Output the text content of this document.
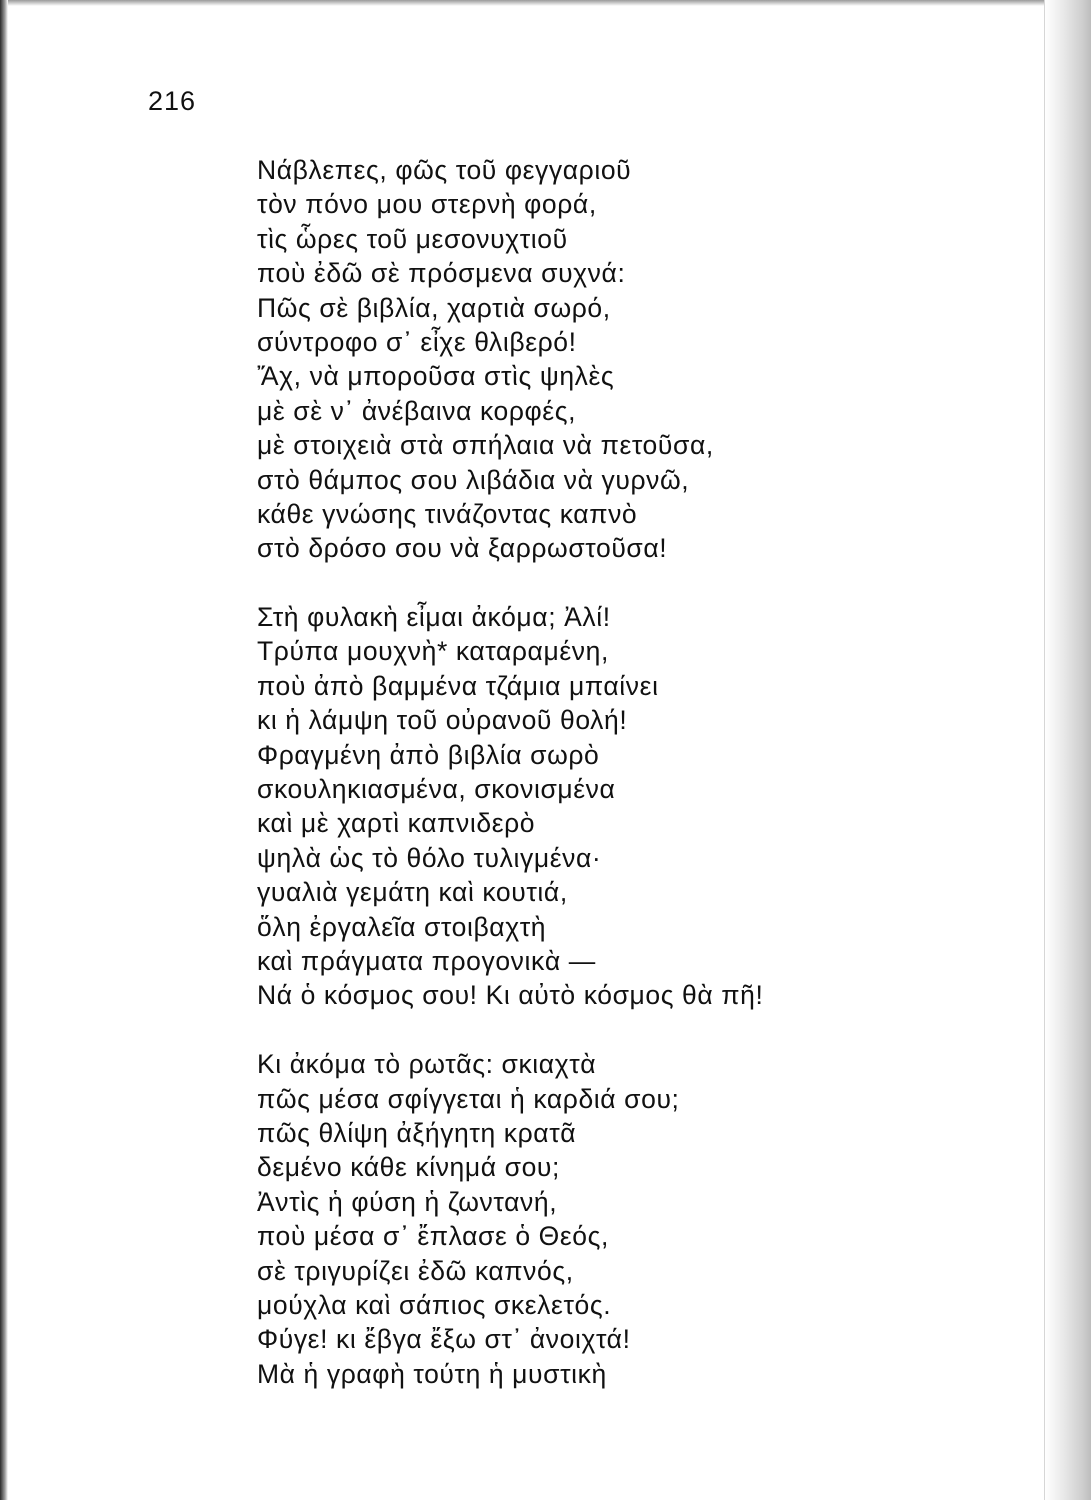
216
Νάβλεπες, φῶς τοῦ φεγγαριοῦ
τὸν πόνο μου στερνὴ φορά,
τὶς ὧρες τοῦ μεσονυχτιοῦ
ποὺ ἐδῶ σὲ πρόσμενα συχνά:
Πῶς σὲ βιβλία, χαρτιὰ σωρό,
σύντροφο σ᾿ εἶχε θλιβερό!
Ἄχ, νὰ μποροῦσα στὶς ψηλὲς
μὲ σὲ ν᾿ ἀνέβαινα κορφές,
μὲ στοιχειὰ στὰ σπήλαια νὰ πετοῦσα,
στὸ θάμπος σου λιβάδια νὰ γυρνῶ,
κάθε γνώσης τινάζοντας καπνὸ
στὸ δρόσο σου νὰ ξαρρωστοῦσα!
Στὴ φυλακὴ εἶμαι ἀκόμα; Ἀλί!
Τρύπα μουχνὴ* καταραμένη,
ποὺ ἀπὸ βαμμένα τζάμια μπαίνει
κι ἡ λάμψη τοῦ οὐρανοῦ θολή!
Φραγμένη ἀπὸ βιβλία σωρὸ
σκουληκιασμένα, σκονισμένα
καὶ μὲ χαρτὶ καπνιδερὸ
ψηλὰ ὡς τὸ θόλο τυλιγμένα·
γυαλιὰ γεμάτη καὶ κουτιά,
ὅλη ἐργαλεῖα στοιβαχτὴ
καὶ πράγματα προγονικὰ —
Νά ὁ κόσμος σου! Κι αὐτὸ κόσμος θὰ πῆ!
Κι ἀκόμα τὸ ρωτᾶς: σκιαχτὰ
πῶς μέσα σφίγγεται ἡ καρδιά σου;
πῶς θλίψη ἀξήγητη κρατᾶ
δεμένο κάθε κίνημά σου;
Ἀντὶς ἡ φύση ἡ ζωντανή,
ποὺ μέσα σ᾿ ἔπλασε ὁ Θεός,
σὲ τριγυρίζει ἐδῶ καπνός,
μούχλα καὶ σάπιος σκελετός.
Φύγε! κι ἔβγα ἔξω στ᾿ ἀνοιχτά!
Μὰ ἡ γραφὴ τούτη ἡ μυστικὴ
